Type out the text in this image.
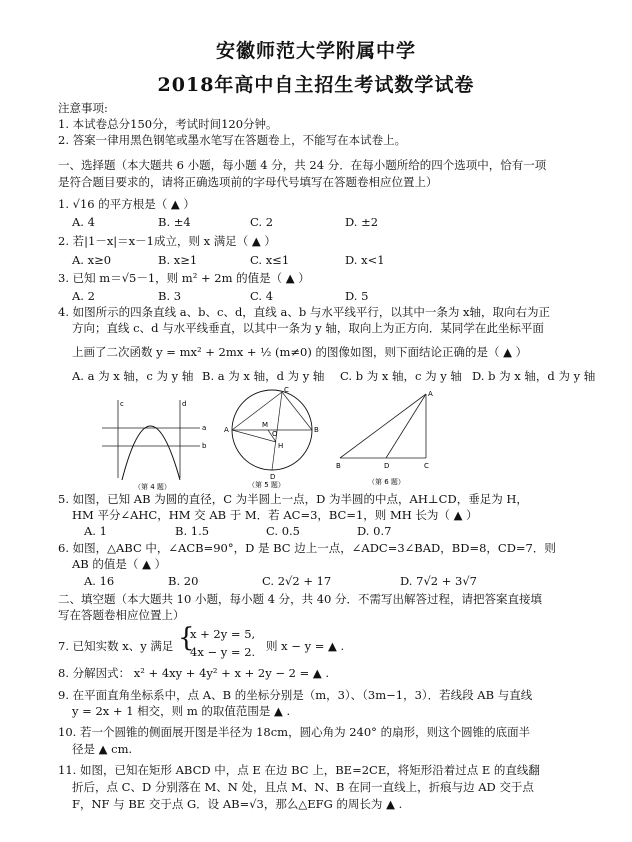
安徽师范大学附属中学
2018年高中自主招生考试数学试卷
注意事项:
1. 本试卷总分150分，考试时间120分钟。
2. 答案一律用黑色钢笔或墨水笔写在答题卷上，不能写在本试卷上。
一、选择题（本大题共 6 小题，每小题 4 分，共 24 分．在每小题所给的四个选项中，恰有一项
是符合题目要求的，请将正确选项前的字母代号填写在答题卷相应位置上）
1. √16 的平方根是（ ▲ ）
A. 4	B. ±4	C. 2	D. ±2
2. 若|1－x|＝x－1成立，则 x 满足（ ▲ ）
A. x≥0	B. x≥1	C. x≤1	D. x<1
3. 已知 m＝√5－1，则 m² + 2m 的值是（ ▲ ）
A. 2	B. 3	C. 4	D. 5
4. 如图所示的四条直线 a、b、c、d，直线 a、b 与水平线平行，以其中一条为 x轴，取向右为正
方向；直线 c、d 与水平线垂直，以其中一条为 y 轴，取向上为正方向．某同学在此坐标平面
上画了二次函数 y = mx² + 2mx + ½ (m≠0) 的图像如图，则下面结论正确的是（ ▲ ）
A. a 为 x 轴，c 为 y 轴 B. a 为 x 轴，d 为 y 轴 C. b 为 x 轴，c 为 y 轴 D. b 为 x 轴，d 为 y 轴
c	d
a
b
（第 4 题）
A	B
C
D
M
H
O
（第 5 题）
A
B	D	C
（第 6 题）
5. 如图，已知 AB 为圆的直径，C 为半圆上一点，D 为半圆的中点，AH⊥CD，垂足为 H，
HM 平分∠AHC，HM 交 AB 于 M．若 AC=3，BC=1，则 MH 长为（ ▲ ）
A. 1	B. 1.5	C. 0.5	D. 0.7
6. 如图，△ABC 中，∠ACB=90°，D 是 BC 边上一点，∠ADC=3∠BAD，BD=8，CD=7．则
AB 的值是（ ▲ ）
A. 16	B. 20	C. 2√2 + 17	D. 7√2 + 3√7
二、填空题（本大题共 10 小题，每小题 4 分，共 40 分．不需写出解答过程，请把答案直接填
写在答题卷相应位置上）
7. 已知实数 x、y 满足 {
x + 2y = 5,
4x − y = 2. 则 x − y = ▲ .
8. 分解因式： x² + 4xy + 4y² + x + 2y − 2 = ▲ .
9. 在平面直角坐标系中，点 A、B 的坐标分别是（m，3）、（3m−1，3）．若线段 AB 与直线
y = 2x + 1 相交，则 m 的取值范围是 ▲ .
10. 若一个圆锥的侧面展开图是半径为 18cm，圆心角为 240° 的扇形，则这个圆锥的底面半
径是 ▲ cm.
11. 如图，已知在矩形 ABCD 中，点 E 在边 BC 上，BE=2CE，将矩形沿着过点 E 的直线翻
折后，点 C、D 分别落在 M、N 处，且点 M、N、B 在同一直线上，折痕与边 AD 交于点
F，NF 与 BE 交于点 G．设 AB=√3，那么△EFG 的周长为 ▲ .
